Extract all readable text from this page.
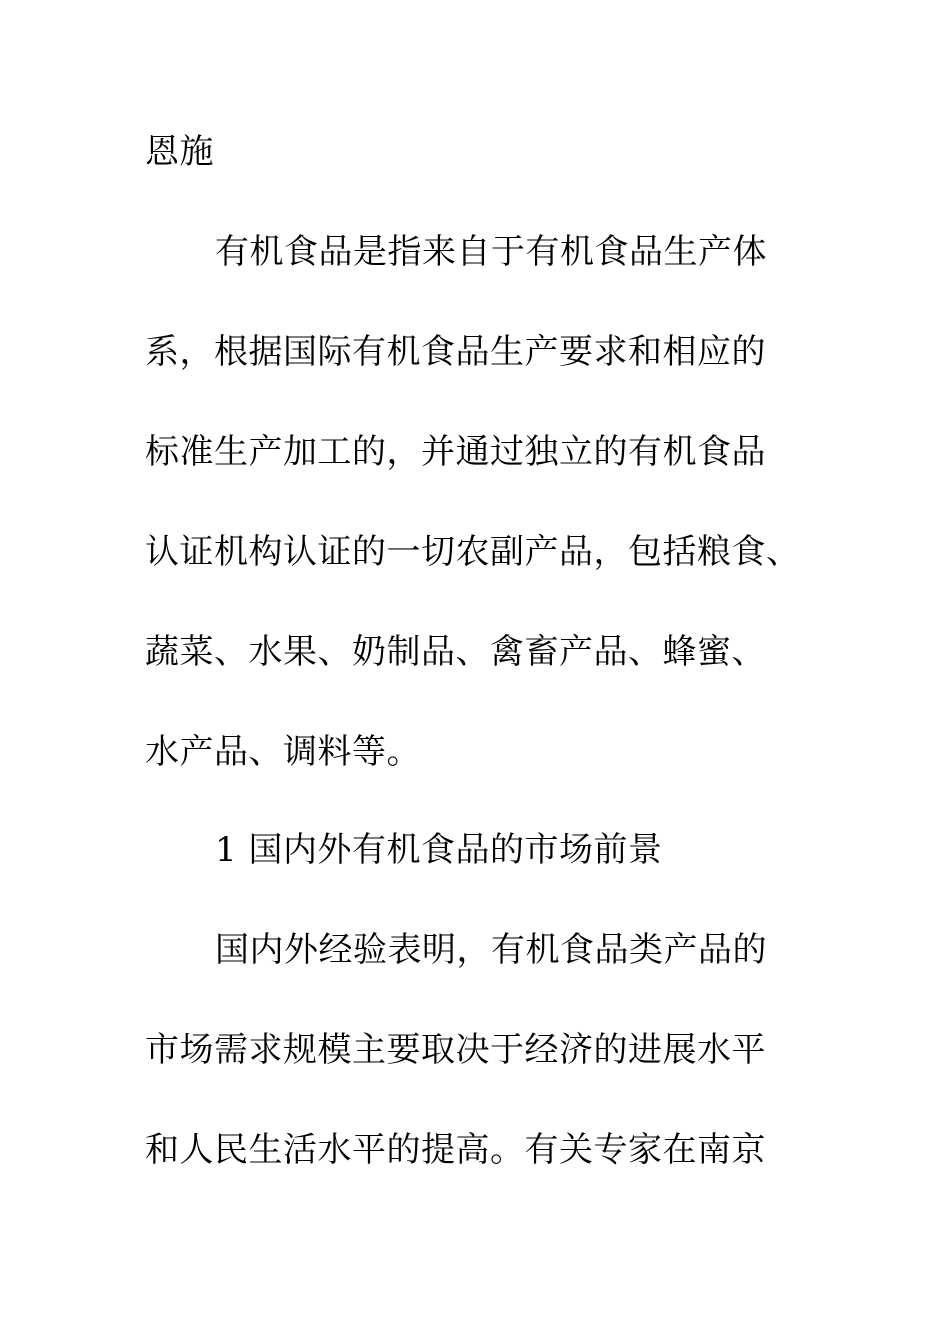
恩施
有机食品是指来自于有机食品生产体
系，根据国际有机食品生产要求和相应的
标准生产加工的，并通过独立的有机食品
认证机构认证的一切农副产品，包括粮食、
蔬菜、水果、奶制品、禽畜产品、蜂蜜、
水产品、调料等。
1 国内外有机食品的市场前景
国内外经验表明，有机食品类产品的
市场需求规模主要取决于经济的进展水平
和人民生活水平的提高。有关专家在南京
